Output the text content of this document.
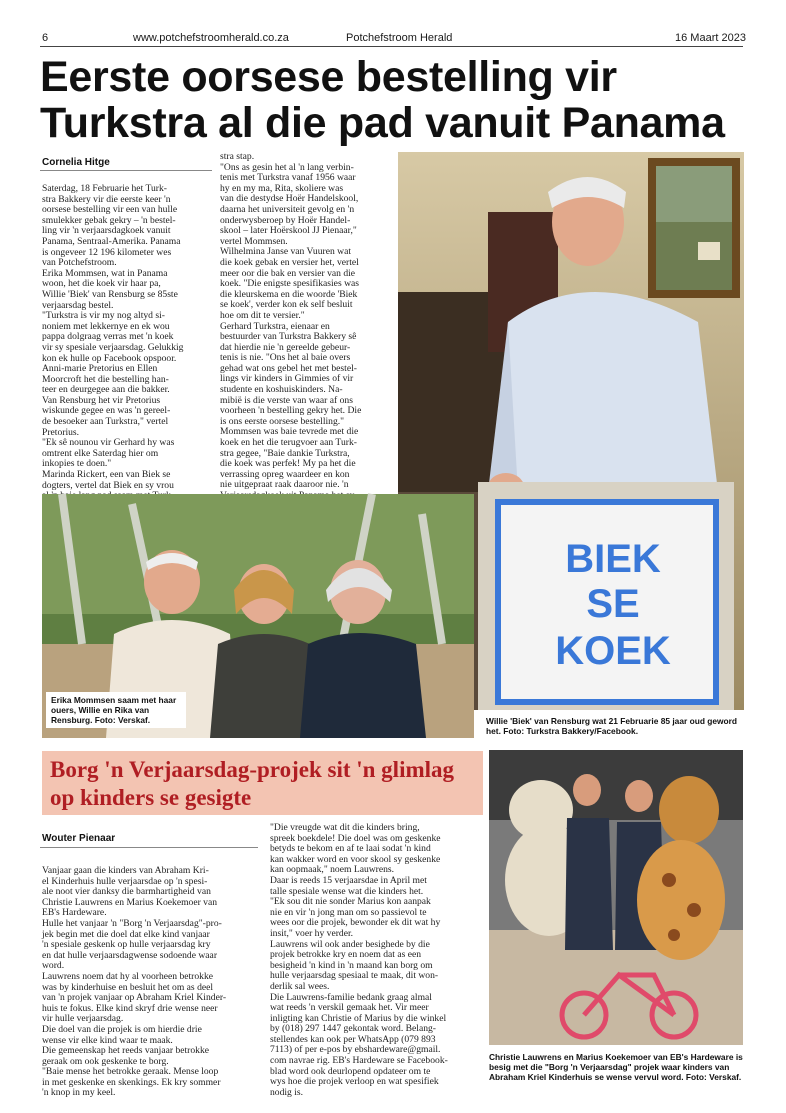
6	www.potchefstroomherald.co.za	Potchefstroom Herald	16 Maart 2023
Eerste oorsese bestelling vir Turkstra al die pad vanuit Panama
Cornelia Hitge
Saterdag, 18 Februarie het Turk-
stra Bakkery vir die eerste keer 'n
oorsese bestelling vir een van hulle
smulekker gebak gekry – 'n bestel-
ling vir 'n verjaarsdagkoek vanuit
Panama, Sentraal-Amerika. Panama
is ongeveer 12 196 kilometer wes
van Potchefstroom.
Erika Mommsen, wat in Panama
woon, het die koek vir haar pa,
Willie 'Biek' van Rensburg se 85ste
verjaarsdag bestel.
"Turkstra is vir my nog altyd si-
noniem met lekkernye en ek wou
pappa dolgraag verras met 'n koek
vir sy spesiale verjaarsdag. Gelukkig
kon ek hulle op Facebook opspoor.
Anni-marie Pretorius en Ellen
Moorcroft het die bestelling han-
teer en deurgegee aan die bakker.
Van Rensburg het vir Pretorius
wiskunde gegee en was 'n gereel-
de besoeker aan Turkstra," vertel
Pretorius.
"Ek sê nounou vir Gerhard hy was
omtrent elke Saterdag hier om
inkopies te doen."
Marinda Rickert, een van Biek se
dogters, vertel dat Biek en sy vrou

stra stap.
"Ons as gesin het al 'n lang verbin-
tenis met Turkstra vanaf 1956 waar
hy en my ma, Rita, skoliere was
van die destydse Hoër Handelskool,
daarna het universiteit gevolg en 'n
onderwysberoep by Hoër Handel-
skool – later Hoërskool JJ Pienaar,"
vertel Mommsen.
Wilhelmina Janse van Vuuren wat
die koek gebak en versier het, vertel
meer oor die bak en versier van die
koek. "Die enigste spesifikasies was
die kleurskema en die woorde 'Biek
se koek', verder kon ek self besluit
hoe om dit te versier."
Gerhard Turkstra, eienaar en
bestuurder van Turkstra Bakkery sê
dat hierdie nie 'n gereelde gebeur-
tenis is nie. "Ons het al baie overs
gehad wat ons gebel het met bestel-
lings vir kinders in Gimmies of vir
studente en koshuiskinders. Na-
mibië is die verste van waar af ons
voorheen 'n bestelling gekry het. Die
is ons eerste oorsese bestelling."
Mommsen was baie tevrede met die
koek en het die terugvoer aan Turk-
stra gegee, "Baie dankie Turkstra,
die koek was perfek! My pa het die
verrassing opreg waardeer en kon
nie uitgepraat raak daaroor nie. 'n

BIEK
SE
KOEK
Willie 'Biek' van Rensburg wat 21 Februarie 85 jaar oud geword het. Foto: Turkstra Bakkery/Facebook.
Erika Mommsen saam met haar ouers, Willie en Rika van Rensburg. Foto: Verskaf.
Borg 'n Verjaarsdag-projek sit 'n glimlag op kinders se gesigte
Wouter Pienaar
Vanjaar gaan die kinders van Abraham Kri-
el Kinderhuis hulle verjaarsdae op 'n spesi-
ale noot vier danksy die barmhartigheid van
Christie Lauwrens en Marius Koekemoer van
EB's Hardeware.
Hulle het vanjaar 'n "Borg 'n Verjaarsdag"-pro-
jek begin met die doel dat elke kind vanjaar
'n spesiale geskenk op hulle verjaarsdag kry
en dat hulle verjaarsdagwense sodoende waar
word.
Lauwrens noem dat hy al voorheen betrokke
was by kinderhuise en besluit het om as deel
van 'n projek vanjaar op Abraham Kriel Kinder-
huis te fokus. Elke kind skryf drie wense neer
vir hulle verjaarsdag.
Die doel van die projek is om hierdie drie
wense vir elke kind waar te maak.
Die gemeenskap het reeds vanjaar betrokke
geraak om ook geskenke te borg.
"Baie mense het betrokke geraak. Mense loop
in met geskenke en skenkings. Ek kry sommer
'n knop in my keel.
"Die vreugde wat dit die kinders bring,
spreek boekdele! Die doel was om geskenke
betyds te bekom en af te laai sodat 'n kind
kan wakker word en voor skool sy geskenke
kan oopmaak," noem Lauwrens.
Daar is reeds 15 verjaarsdae in April met
talle spesiale wense wat die kinders het.
"Ek sou dit nie sonder Marius kon aanpak
nie en vir 'n jong man om so passievol te
wees oor die projek, bewonder ek dit wat hy
insit," voer hy verder.
Lauwrens wil ook ander besighede by die
projek betrokke kry en noem dat as een
besigheid 'n kind in 'n maand kan borg om
hulle verjaarsdag spesiaal te maak, dit won-
derlik sal wees.
Die Lauwrens-familie bedank graag almal
wat reeds 'n verskil gemaak het. Vir meer
inligting kan Christie of Marius by die winkel
by (018) 297 1447 gekontak word. Belang-
stellendes kan ook per WhatsApp (079 893
7113) of per e-pos by ebshardeware@gmail.
com navrae rig. EB's Hardeware se Facebook-
blad word ook deurlopend opdateer om te
wys hoe die projek verloop en wat spesifiek
nodig is.
Christie Lauwrens en Marius Koekemoer van EB's Hardeware is besig met die "Borg 'n Verjaarsdag" projek waar kinders van Abraham Kriel Kinderhuis se wense vervul word. Foto: Verskaf.
